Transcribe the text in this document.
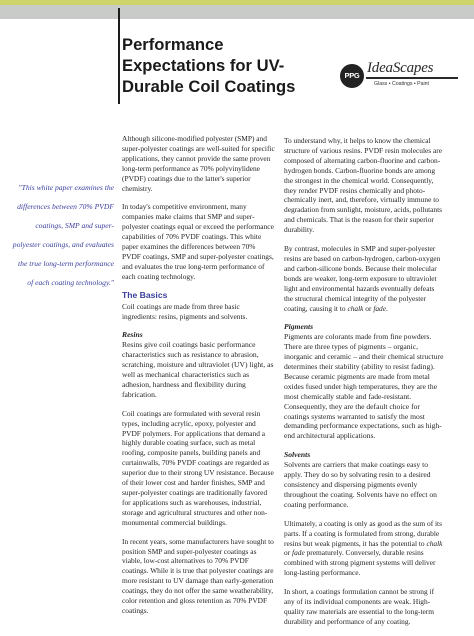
Performance Expectations for UV-Durable Coil Coatings
PPG IdeaScapes
Glass • Coatings • Paint

"This white paper examines the differences between 70% PVDF coatings, SMP and super-polyester coatings, and evaluates the true long-term performance of each coating technology."

Although silicone-modified polyester (SMP) and super-polyester coatings are well-suited for specific applications, they cannot provide the same proven long-term performance as 70% polyvinylidene (PVDF) coatings due to the latter's superior chemistry.

In today's competitive environment, many companies make claims that SMP and super-polyester coatings equal or exceed the performance capabilities of 70% PVDF coatings. This white paper examines the differences between 70% PVDF coatings, SMP and super-polyester coatings, and evaluates the true long-term performance of each coating technology.

The Basics

Coil coatings are made from three basic ingredients: resins, pigments and solvents.

Resins

Resins give coil coatings basic performance characteristics such as resistance to abrasion, scratching, moisture and ultraviolet (UV) light, as well as mechanical characteristics such as adhesion, hardness and flexibility during fabrication.

Coil coatings are formulated with several resin types, including acrylic, epoxy, polyester and PVDF polymers. For applications that demand a highly durable coating surface, such as metal roofing, composite panels, building panels and curtainwalls, 70% PVDF coatings are regarded as superior due to their strong UV resistance. Because of their lower cost and harder finishes, SMP and super-polyester coatings are traditionally favored for applications such as warehouses, industrial, storage and agricultural structures and other non-monumental commercial buildings.

In recent years, some manufacturers have sought to position SMP and super-polyester coatings as viable, low-cost alternatives to 70% PVDF coatings. While it is true that polyester coatings are more resistant to UV damage than early-generation coatings, they do not offer the same weatherability, color retention and gloss retention as 70% PVDF coatings.

To understand why, it helps to know the chemical structure of various resins. PVDF resin molecules are composed of alternating carbon-fluorine and carbon-hydrogen bonds. Carbon-fluorine bonds are among the strongest in the chemical world. Consequently, they render PVDF resins chemically and photo-chemically inert, and, therefore, virtually immune to degradation from sunlight, moisture, acids, pollutants and chemicals. That is the reason for their superior durability.

By contrast, molecules in SMP and super-polyester resins are based on carbon-hydrogen, carbon-oxygen and carbon-silicone bonds. Because their molecular bonds are weaker, long-term exposure to ultraviolet light and environmental hazards eventually defeats the structural chemical integrity of the polyester coating, causing it to chalk or fade.

Pigments

Pigments are colorants made from fine powders. There are three types of pigments – organic, inorganic and ceramic – and their chemical structure determines their stability (ability to resist fading). Because ceramic pigments are made from metal oxides fused under high temperatures, they are the most chemically stable and fade-resistant. Consequently, they are the default choice for coatings systems warranted to satisfy the most demanding performance expectations, such as high-end architectural applications.

Solvents

Solvents are carriers that make coatings easy to apply. They do so by solvating resin to a desired consistency and dispersing pigments evenly throughout the coating. Solvents have no effect on coating performance.

Ultimately, a coating is only as good as the sum of its parts. If a coating is formulated from strong, durable resins but weak pigments, it has the potential to chalk or fade prematurely. Conversely, durable resins combined with strong pigment systems will deliver long-lasting performance.

In short, a coatings formulation cannot be strong if any of its individual components are weak. High-quality raw materials are essential to the long-term durability and performance of any coating.
